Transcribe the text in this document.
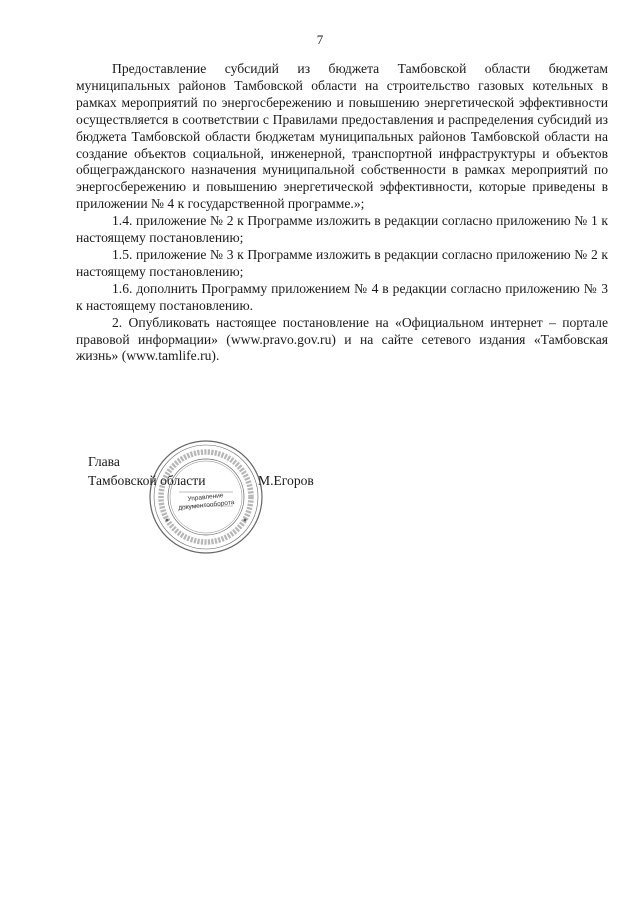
7

Предоставление субсидий из бюджета Тамбовской области бюджетам муниципальных районов Тамбовской области на строительство газовых котельных в рамках мероприятий по энергосбережению и повышению энергетической эффективности осуществляется в соответствии с Правилами предоставления и распределения субсидий из бюджета Тамбовской области бюджетам муниципальных районов Тамбовской области на создание объектов социальной, инженерной, транспортной инфраструктуры и объектов общегражданского назначения муниципальной собственности в рамках мероприятий по энергосбережению и повышению энергетической эффективности, которые приведены в приложении № 4 к государственной программе.»;

1.4. приложение № 2 к Программе изложить в редакции согласно приложению № 1 к настоящему постановлению;

1.5. приложение № 3 к Программе изложить в редакции согласно приложению № 2 к настоящему постановлению;

1.6. дополнить Программу приложением № 4 в редакции согласно приложению № 3 к настоящему постановлению.

2. Опубликовать настоящее постановление на «Официальном интернет – портале правовой информации» (www.pravo.gov.ru) и на сайте сетевого издания «Тамбовская жизнь» (www.tamlife.ru).

Глава
Тамбовской области
Управление документооборота
М.Егоров
